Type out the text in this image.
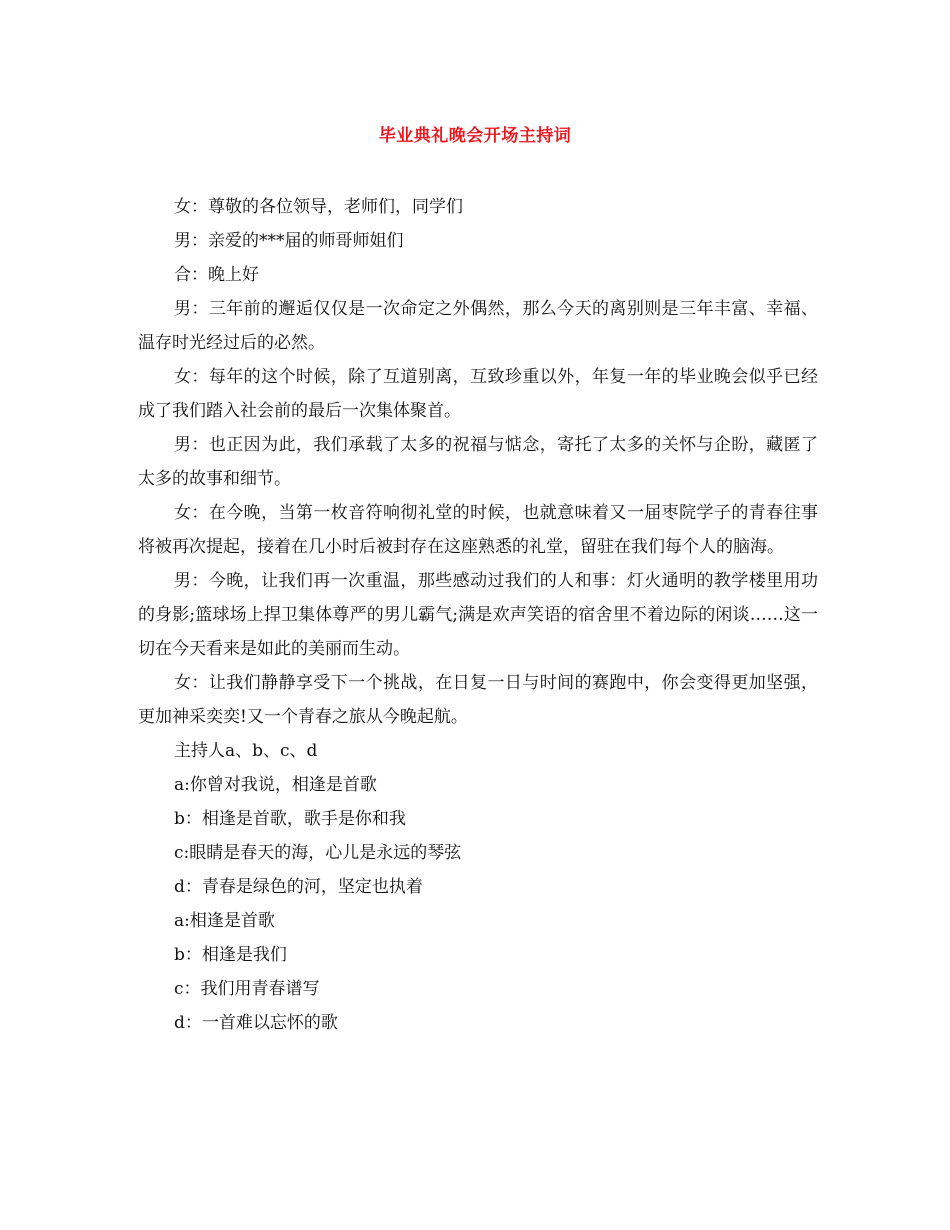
毕业典礼晚会开场主持词

女：尊敬的各位领导，老师们，同学们

男：亲爱的***届的师哥师姐们

合：晚上好

男：三年前的邂逅仅仅是一次命定之外偶然，那么今天的离别则是三年丰富、幸福、温存时光经过后的必然。

女：每年的这个时候，除了互道别离，互致珍重以外，年复一年的毕业晚会似乎已经成了我们踏入社会前的最后一次集体聚首。

男：也正因为此，我们承载了太多的祝福与惦念，寄托了太多的关怀与企盼，藏匿了太多的故事和细节。

女：在今晚，当第一枚音符响彻礼堂的时候，也就意味着又一届枣院学子的青春往事将被再次提起，接着在几小时后被封存在这座熟悉的礼堂，留驻在我们每个人的脑海。

男：今晚，让我们再一次重温，那些感动过我们的人和事：灯火通明的教学楼里用功的身影;篮球场上捍卫集体尊严的男儿霸气;满是欢声笑语的宿舍里不着边际的闲谈……这一切在今天看来是如此的美丽而生动。

女：让我们静静享受下一个挑战，在日复一日与时间的赛跑中，你会变得更加坚强，更加神采奕奕!又一个青春之旅从今晚起航。

主持人a、b、c、d

a:你曾对我说，相逢是首歌

b：相逢是首歌，歌手是你和我

c:眼睛是春天的海，心儿是永远的琴弦

d：青春是绿色的河，坚定也执着

a:相逢是首歌

b：相逢是我们

c：我们用青春谱写

d：一首难以忘怀的歌
